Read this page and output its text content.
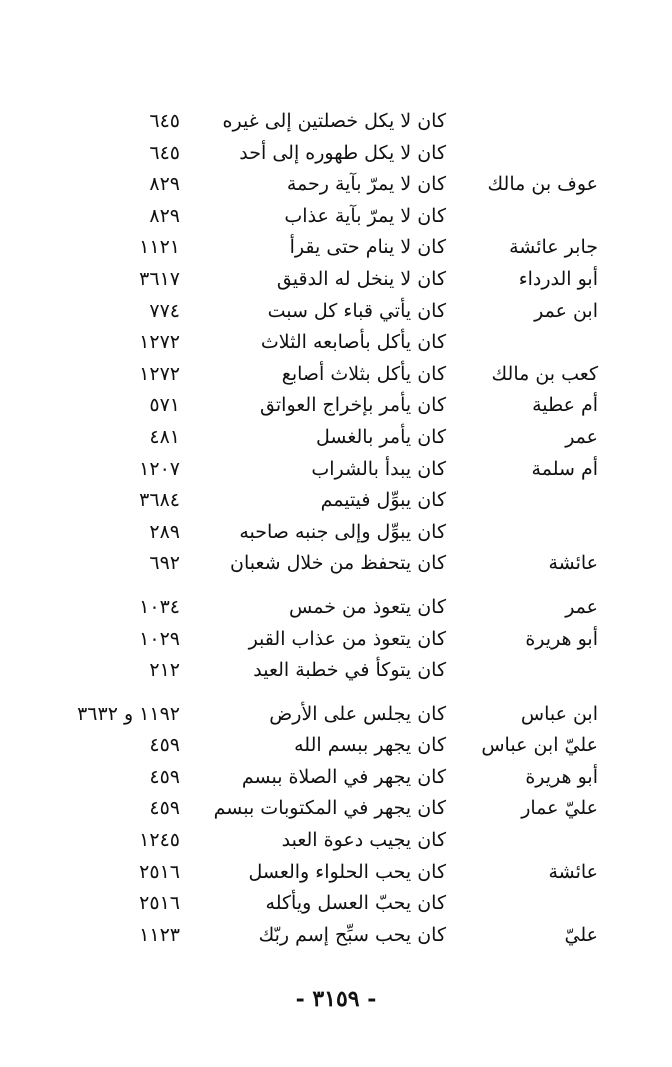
كان لا يكل خصلتين إلى غيره
٦٤٥
كان لا يكل طهوره إلى أحد
٦٤٥
عوف بن مالك
كان لا يمرّ بآية رحمة
٨٢٩
كان لا يمرّ بآية عذاب
٨٢٩
جابر عائشة
كان لا ينام حتى يقرأ
١١٢١
أبو الدرداء
كان لا ينخل له الدقيق
٣٦١٧
ابن عمر
كان يأتي قباء كل سبت
٧٧٤
كان يأكل بأصابعه الثلاث
١٢٧٢
كعب بن مالك
كان يأكل بثلاث أصابع
١٢٧٢
أم عطية
كان يأمر بإخراج العواتق
٥٧١
عمر
كان يأمر بالغسل
٤٨١
أم سلمة
كان يبدأ بالشراب
١٢٠٧
كان يبوِّل فيتيمم
٣٦٨٤
كان يبوِّل وإلى جنبه صاحبه
٢٨٩
عائشة
كان يتحفظ من خلال شعبان
٦٩٢
عمر
كان يتعوذ من خمس
١٠٣٤
أبو هريرة
كان يتعوذ من عذاب القبر
١٠٢٩
كان يتوكأ في خطبة العيد
٢١٢
ابن عباس
كان يجلس على الأرض
١١٩٢ و ٣٦٣٢
عليّ ابن عباس
كان يجهر ببسم الله
٤٥٩
أبو هريرة
كان يجهر في الصلاة ببسم
٤٥٩
عليّ عمار
كان يجهر في المكتوبات ببسم
٤٥٩
كان يجيب دعوة العبد
١٢٤٥
عائشة
كان يحب الحلواء والعسل
٢٥١٦
كان يحبّ العسل ويأكله
٢٥١٦
عليّ
كان يحب سبِّح إسم ربّك
١١٢٣
- ٣١٥٩ -
